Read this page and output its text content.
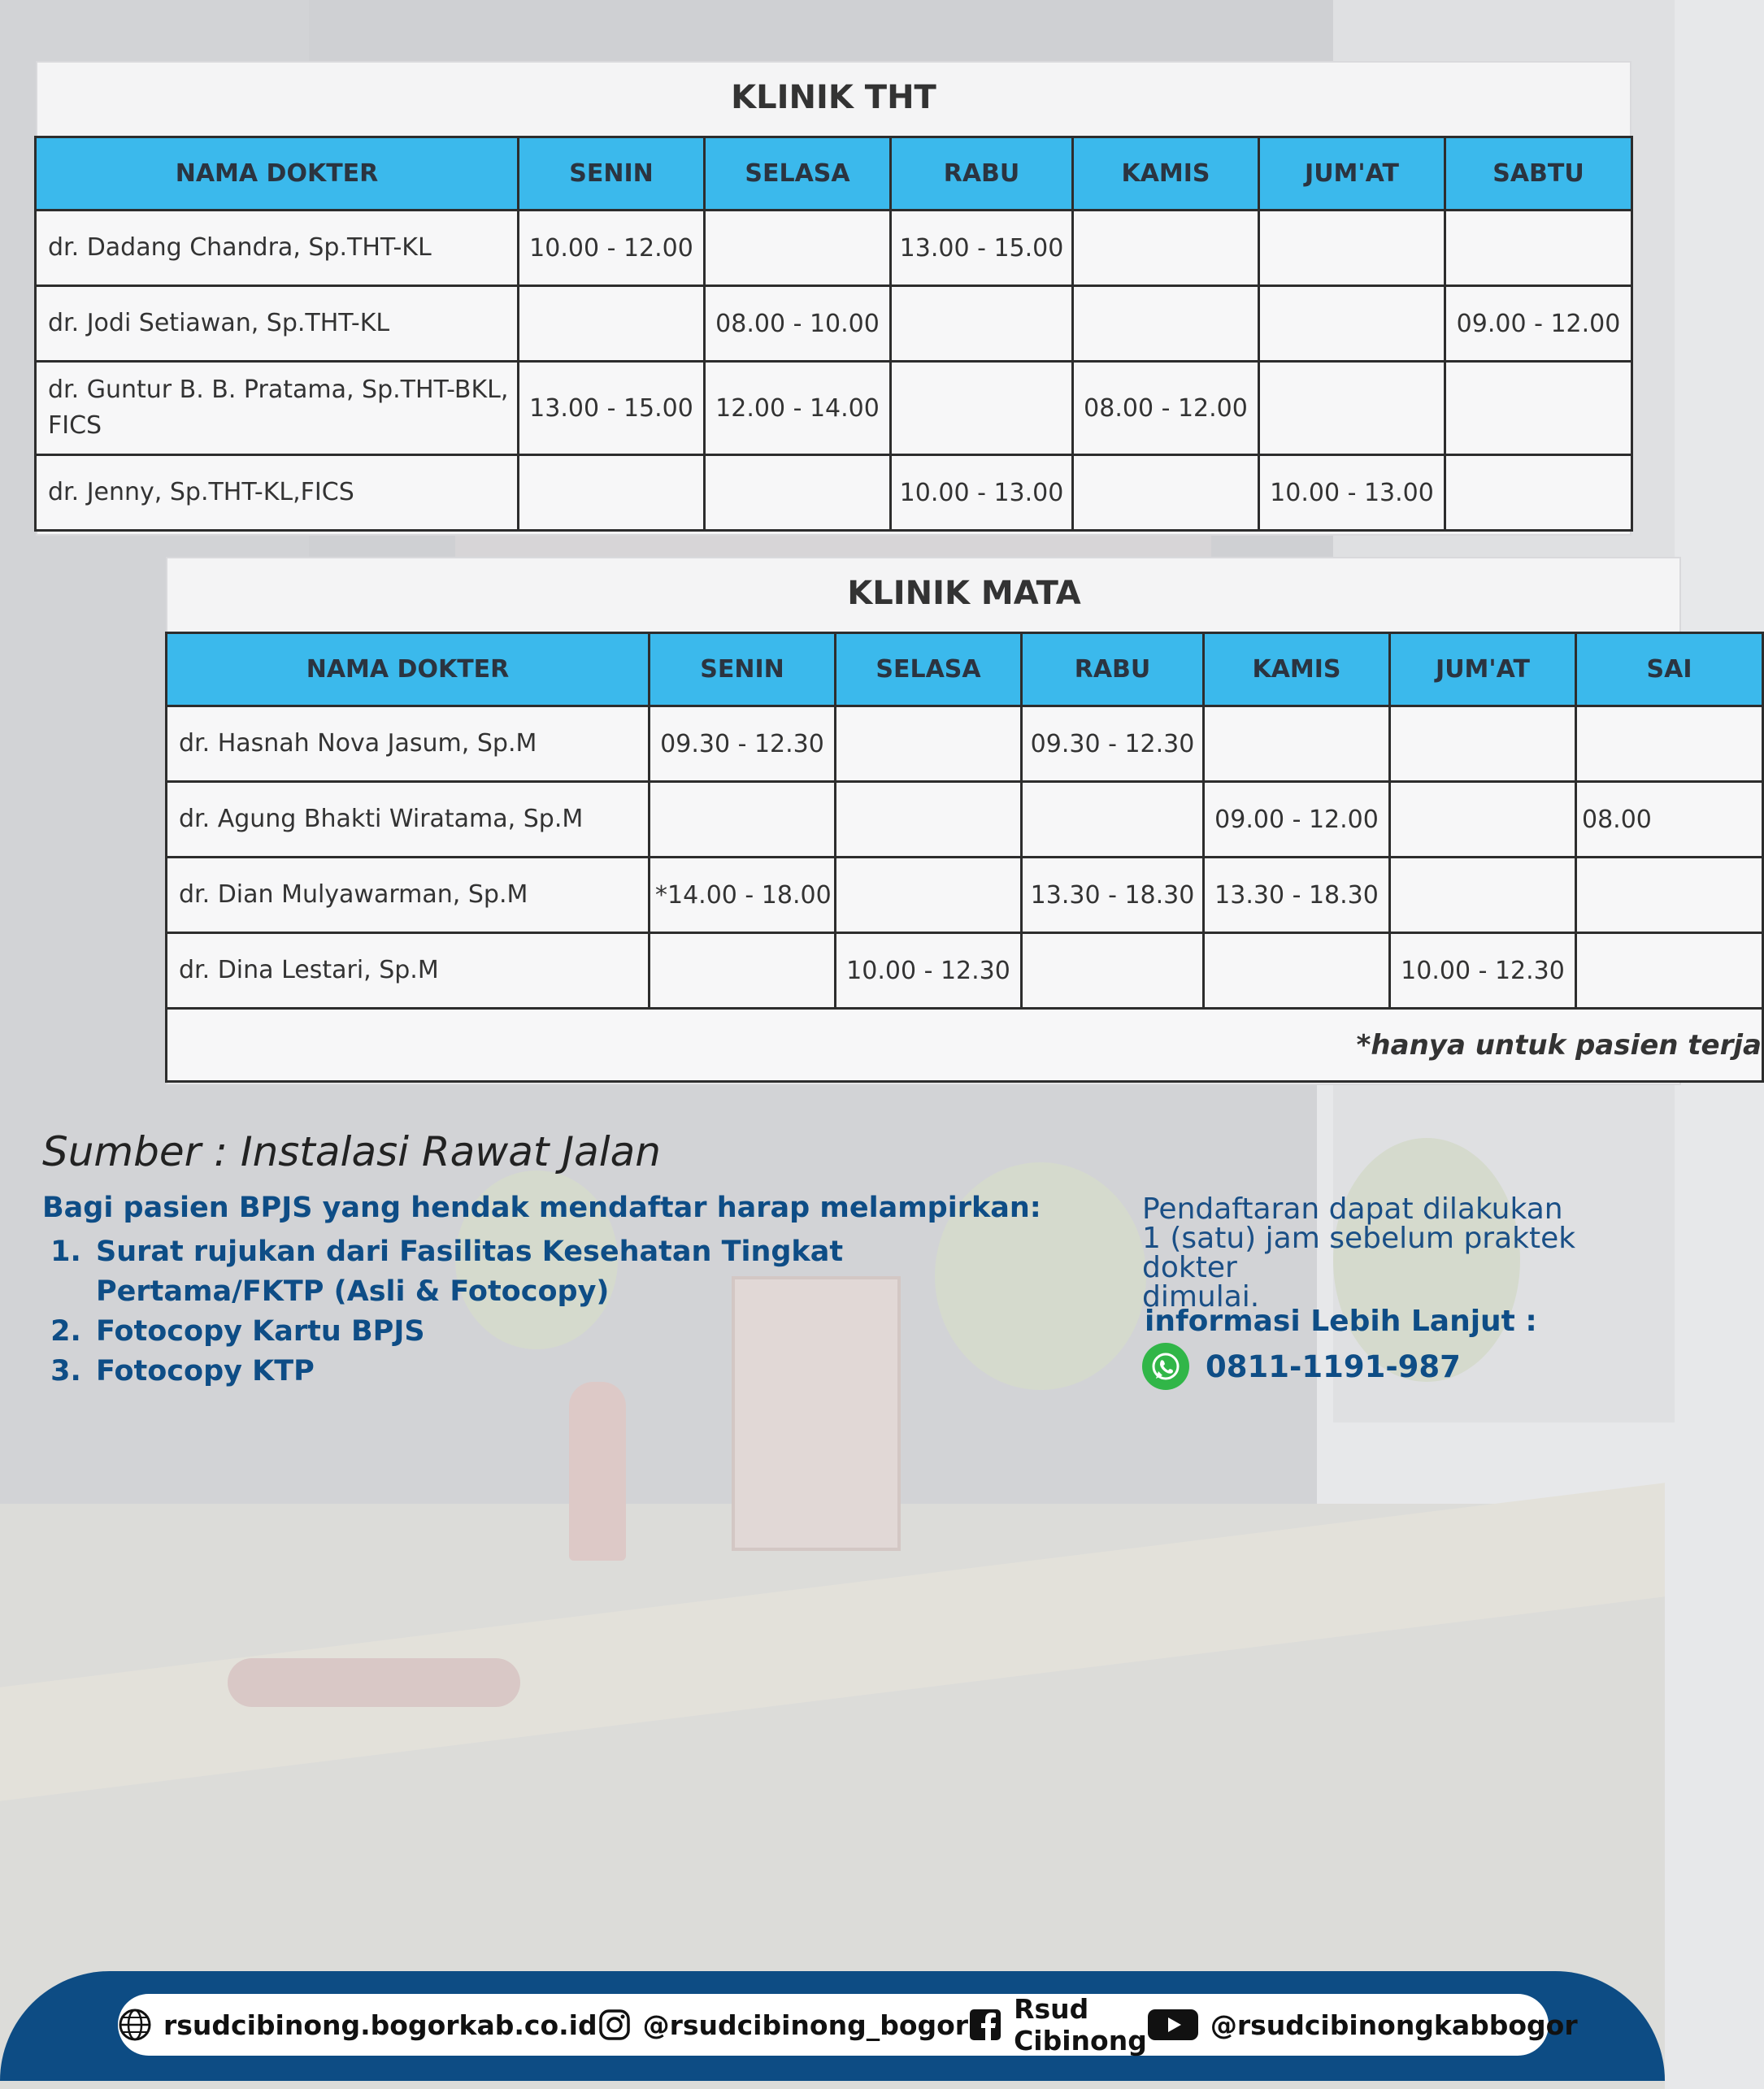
KLINIK THT
NAMA DOKTER	SENIN	SELASA	RABU	KAMIS	JUM'AT	SABTU
dr. Dadang Chandra, Sp.THT-KL	10.00 - 12.00		13.00 - 15.00			
dr. Jodi Setiawan, Sp.THT-KL		08.00 - 10.00				09.00 - 12.00
dr. Guntur B. B. Pratama, Sp.THT-BKL, FICS	13.00 - 15.00	12.00 - 14.00		08.00 - 12.00		
dr. Jenny, Sp.THT-KL,FICS			10.00 - 13.00		10.00 - 13.00	
KLINIK MATA
NAMA DOKTER	SENIN	SELASA	RABU	KAMIS	JUM'AT	SAI
dr. Hasnah Nova Jasum, Sp.M	09.30 - 12.30		09.30 - 12.30			
dr. Agung Bhakti Wiratama, Sp.M				09.00 - 12.00		08.00
dr. Dian Mulyawarman, Sp.M	*14.00 - 18.00		13.30 - 18.30	13.30 - 18.30		
dr. Dina Lestari, Sp.M		10.00 - 12.30			10.00 - 12.30	
*hanya untuk pasien terja						
Sumber : Instalasi Rawat Jalan
Bagi pasien BPJS yang hendak mendaftar harap melampirkan:
1. Surat rujukan dari Fasilitas Kesehatan Tingkat Pertama/FKTP (Asli & Fotocopy)
2. Fotocopy Kartu BPJS
3. Fotocopy KTP
Pendaftaran dapat dilakukan
1 (satu) jam sebelum praktek dokter
dimulai.
informasi Lebih Lanjut :
0811-1191-987
rsudcibinong.bogorkab.co.id @rsudcibinong_bogor Rsud Cibinong @rsudcibinongkabbogor
